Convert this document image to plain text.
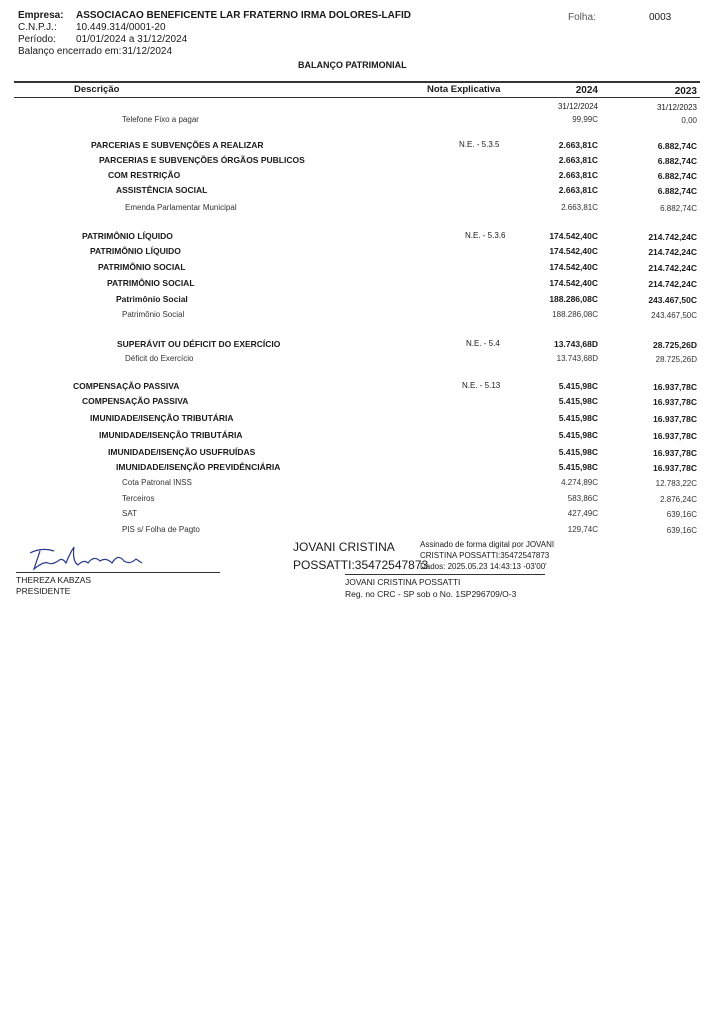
Empresa: ASSOCIACAO BENEFICENTE LAR FRATERNO IRMA DOLORES-LAFID
C.N.P.J.: 10.449.314/0001-20
Período: 01/01/2024 a 31/12/2024
Balanço encerrado em: 31/12/2024
Folha:	0003
BALANÇO PATRIMONIAL
Descrição	Nota Explicativa	2024	2023
31/12/2024	31/12/2023
Telefone Fixo a pagar	99,99C	0,00
PARCERIAS E SUBVENÇÕES A REALIZAR	N.E. - 5.3.5	2.663,81C	6.882,74C
PARCERIAS E SUBVENÇÕES ÓRGÃOS PUBLICOS	2.663,81C	6.882,74C
COM RESTRIÇÃO	2.663,81C	6.882,74C
ASSISTÊNCIA SOCIAL	2.663,81C	6.882,74C
Emenda Parlamentar Municipal	2.663,81C	6.882,74C
PATRIMÔNIO LÍQUIDO	N.E. - 5.3.6	174.542,40C	214.742,24C
PATRIMÔNIO LÍQUIDO	174.542,40C	214.742,24C
PATRIMÔNIO SOCIAL	174.542,40C	214.742,24C
PATRIMÔNIO SOCIAL	174.542,40C	214.742,24C
Patrimônio Social	188.286,08C	243.467,50C
Patrimônio Social	188.286,08C	243.467,50C
SUPERÁVIT OU DÉFICIT DO EXERCÍCIO	N.E. - 5.4	13.743,68D	28.725,26D
Déficit do Exercício	13.743,68D	28.725,26D
COMPENSAÇÃO PASSIVA	N.E. - 5.13	5.415,98C	16.937,78C
COMPENSAÇÃO PASSIVA	5.415,98C	16.937,78C
IMUNIDADE/ISENÇÃO TRIBUTÁRIA	5.415,98C	16.937,78C
IMUNIDADE/ISENÇÃO TRIBUTÁRIA	5.415,98C	16.937,78C
IMUNIDADE/ISENÇÃO USUFRUÍDAS	5.415,98C	16.937,78C
IMUNIDADE/ISENÇÃO PREVIDÊNCIÁRIA	5.415,98C	16.937,78C
Cota Patronal INSS	4.274,89C	12.783,22C
Terceiros	583,86C	2.876,24C
SAT	427,49C	639,16C
PIS s/ Folha de Pagto	129,74C	639,16C
THEREZA KABZAS
PRESIDENTE
JOVANI CRISTINA
POSSATTI:35472547873
Assinado de forma digital por JOVANI
CRISTINA POSSATTI:35472547873
Dados: 2025.05.23 14:43:13 -03'00'
JOVANI CRISTINA POSSATTI
Reg. no CRC - SP sob o No. 1SP296709/O-3
